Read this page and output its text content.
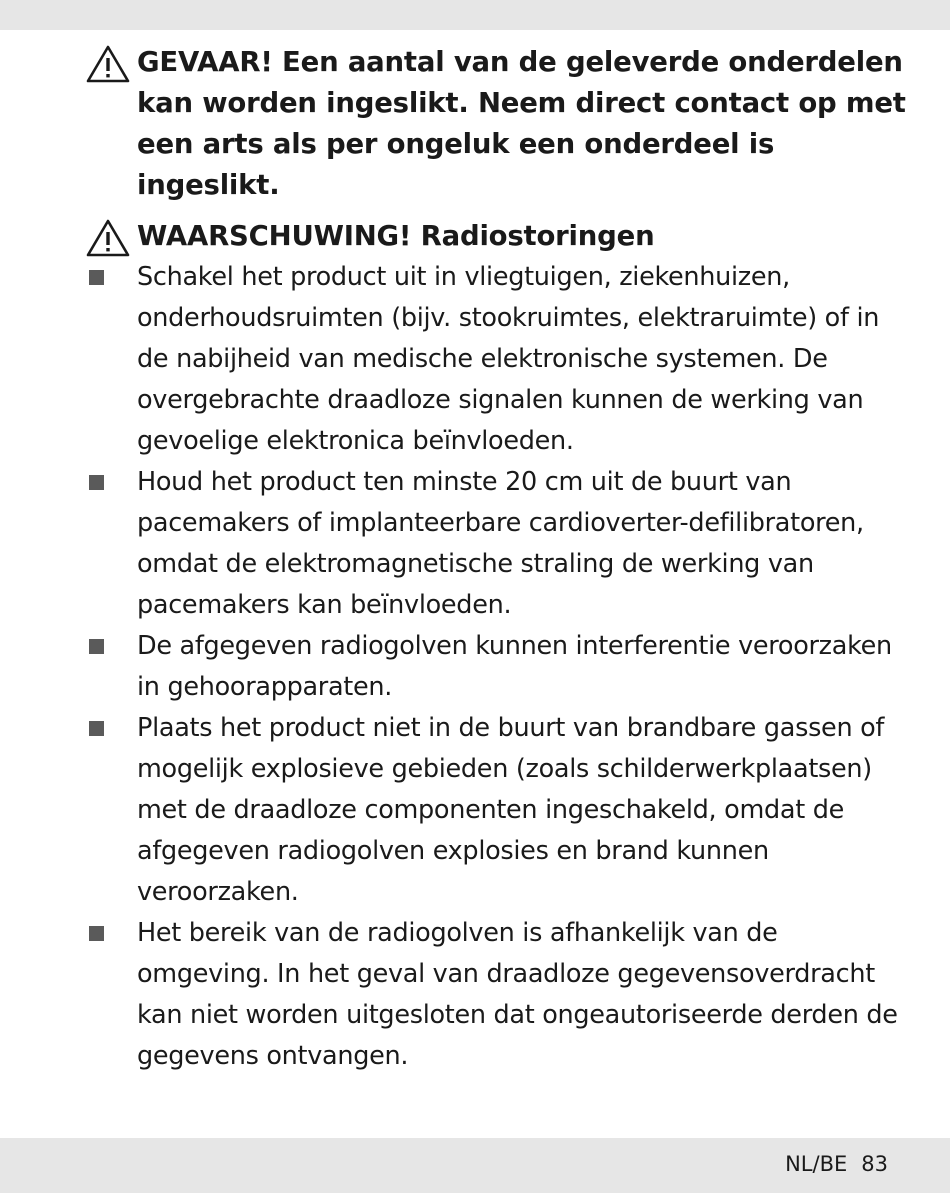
GEVAAR! Een aantal van de geleverde onderdelen kan worden ingeslikt. Neem direct contact op met een arts als per ongeluk een onderdeel is ingeslikt.
WAARSCHUWING! Radiostoringen
Schakel het product uit in vliegtuigen, ziekenhuizen, onderhoudsruimten (bijv. stookruimtes, elektraruimte) of in de nabijheid van medische elektronische systemen. De overgebrachte draadloze signalen kunnen de werking van gevoelige elektronica beïnvloeden.
Houd het product ten minste 20 cm uit de buurt van pacemakers of implanteerbare cardioverter-defilibratoren, omdat de elektromagnetische straling de werking van pacemakers kan beïnvloeden.
De afgegeven radiogolven kunnen interferentie veroorzaken in gehoorapparaten.
Plaats het product niet in de buurt van brandbare gassen of mogelijk explosieve gebieden (zoals schilderwerkplaatsen) met de draadloze componenten ingeschakeld, omdat de afgegeven radiogolven explosies en brand kunnen veroorzaken.
Het bereik van de radiogolven is afhankelijk van de omgeving. In het geval van draadloze gegevensoverdracht kan niet worden uitgesloten dat ongeautoriseerde derden de gegevens ontvangen.
NL/BE 83
